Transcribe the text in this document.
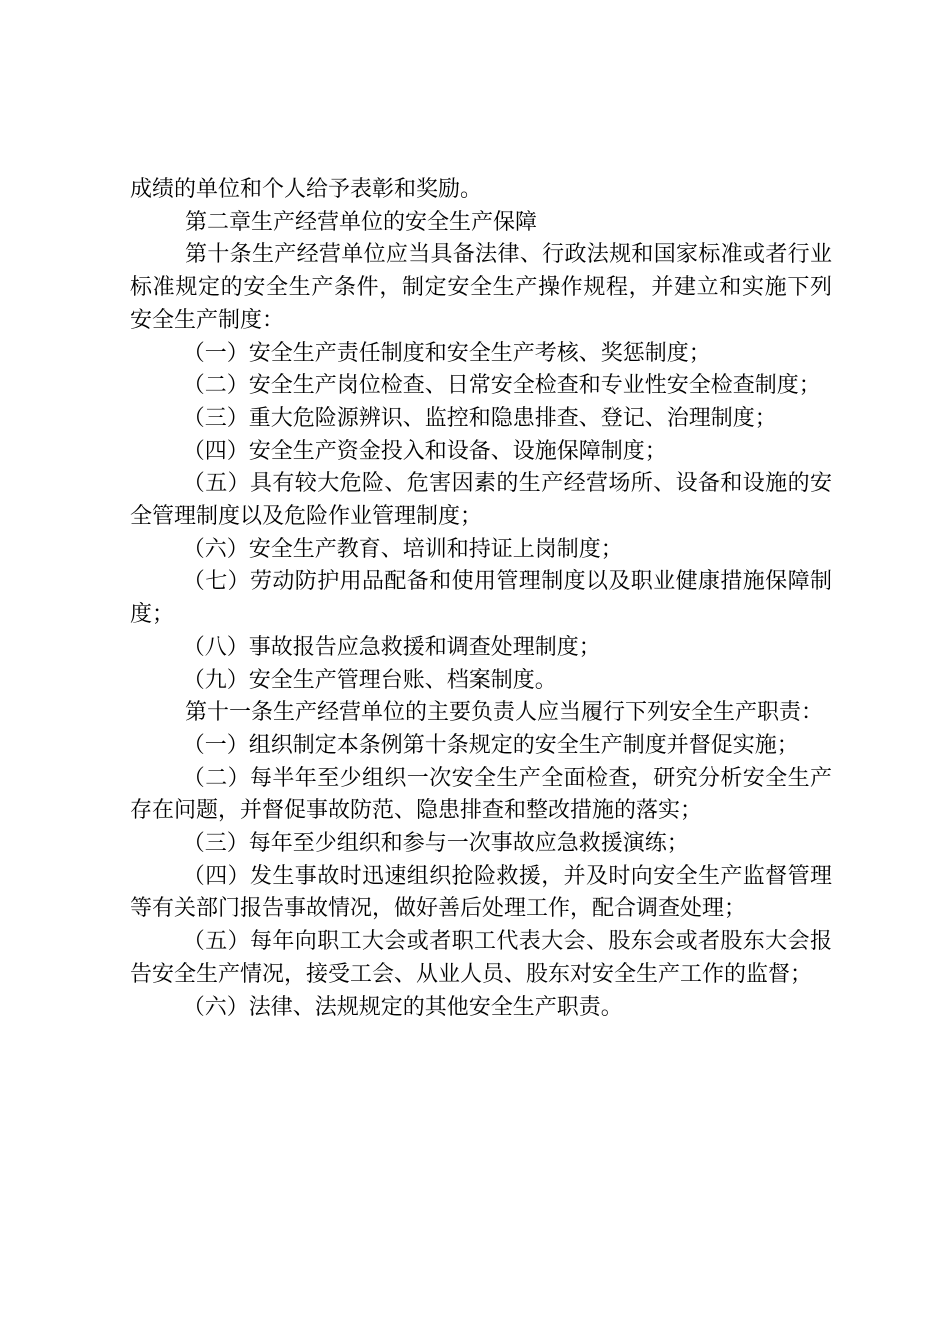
成绩的单位和个人给予表彰和奖励。

第二章生产经营单位的安全生产保障

第十条生产经营单位应当具备法律、行政法规和国家标准或者行业标准规定的安全生产条件，制定安全生产操作规程，并建立和实施下列安全生产制度：

（一）安全生产责任制度和安全生产考核、奖惩制度；

（二）安全生产岗位检查、日常安全检查和专业性安全检查制度；

（三）重大危险源辨识、监控和隐患排查、登记、治理制度；

（四）安全生产资金投入和设备、设施保障制度；

（五）具有较大危险、危害因素的生产经营场所、设备和设施的安全管理制度以及危险作业管理制度；

（六）安全生产教育、培训和持证上岗制度；

（七）劳动防护用品配备和使用管理制度以及职业健康措施保障制度；

（八）事故报告应急救援和调查处理制度；

（九）安全生产管理台账、档案制度。

第十一条生产经营单位的主要负责人应当履行下列安全生产职责：

（一）组织制定本条例第十条规定的安全生产制度并督促实施；

（二）每半年至少组织一次安全生产全面检查，研究分析安全生产存在问题，并督促事故防范、隐患排查和整改措施的落实；

（三）每年至少组织和参与一次事故应急救援演练；

（四）发生事故时迅速组织抢险救援，并及时向安全生产监督管理等有关部门报告事故情况，做好善后处理工作，配合调查处理；

（五）每年向职工大会或者职工代表大会、股东会或者股东大会报告安全生产情况，接受工会、从业人员、股东对安全生产工作的监督；

（六）法律、法规规定的其他安全生产职责。
